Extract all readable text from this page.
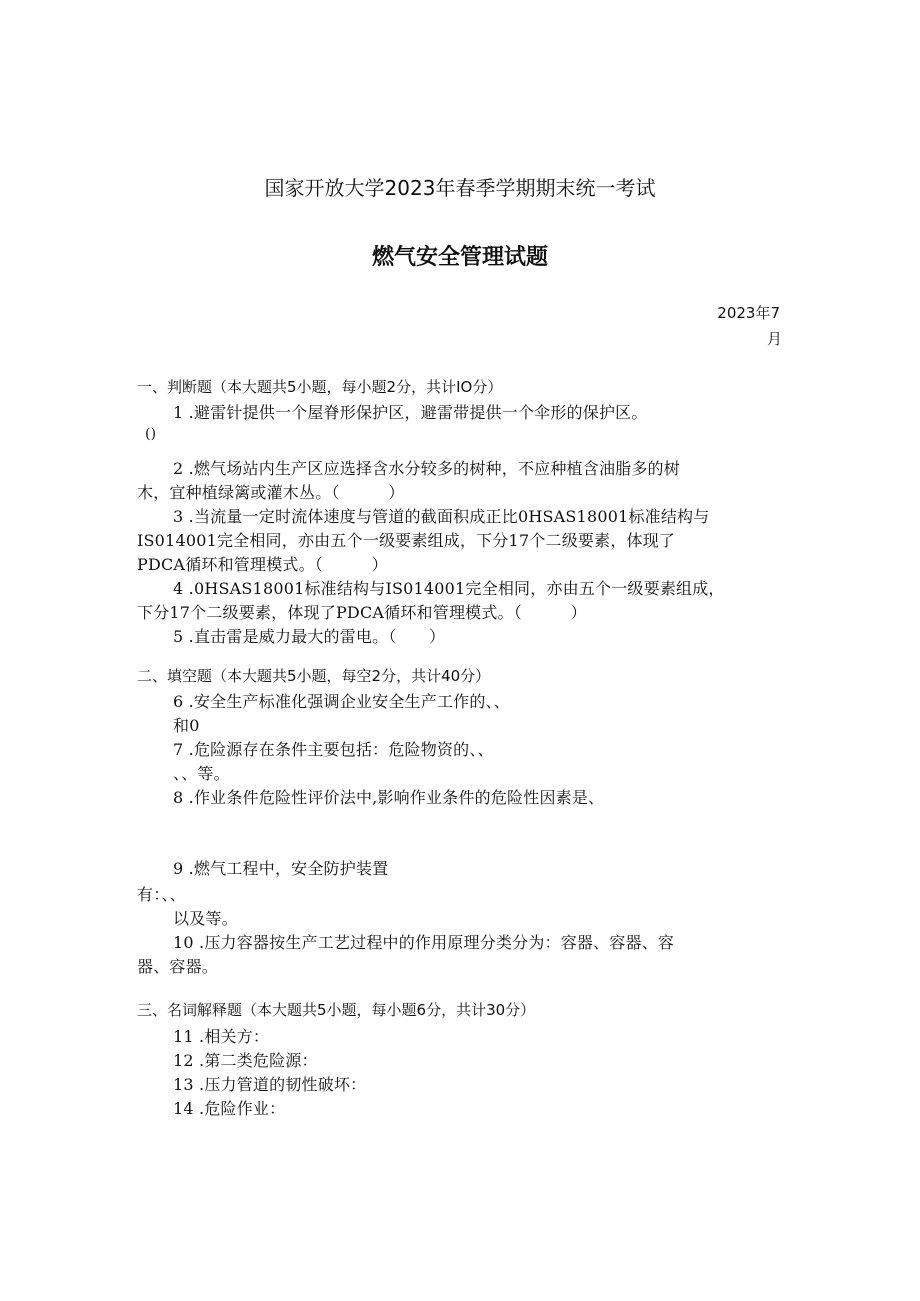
国家开放大学2023年春季学期期末统一考试
燃气安全管理试题
2023年7
月
一、判断题（本大题共5小题，每小题2分，共计IO分）
1 .避雷针提供一个屋脊形保护区，避雷带提供一个伞形的保护区。
()
2 .燃气场站内生产区应选择含水分较多的树种，不应种植含油脂多的树
木，宜种植绿篱或灌木丛。（　　　）
3 .当流量一定时流体速度与管道的截面积成正比0HSAS18001标准结构与
IS014001完全相同，亦由五个一级要素组成，下分17个二级要素，体现了
PDCA循环和管理模式。（　　　）
4 .0HSAS18001标准结构与IS014001完全相同，亦由五个一级要素组成，
下分17个二级要素，体现了PDCA循环和管理模式。（　　　）
5 .直击雷是威力最大的雷电。（　　）
二、填空题（本大题共5小题，每空2分，共计40分）
6 .安全生产标准化强调企业安全生产工作的、、
和0
7 .危险源存在条件主要包括：危险物资的、、
、、等。
8 .作业条件危险性评价法中,影响作业条件的危险性因素是、
9 .燃气工程中，安全防护装置
有：、、
以及等。
10 .压力容器按生产工艺过程中的作用原理分类分为：容器、容器、容
器、容器。
三、名词解释题（本大题共5小题，每小题6分，共计30分）
11 .相关方：
12 .第二类危险源：
13 .压力管道的韧性破坏：
14 .危险作业：
